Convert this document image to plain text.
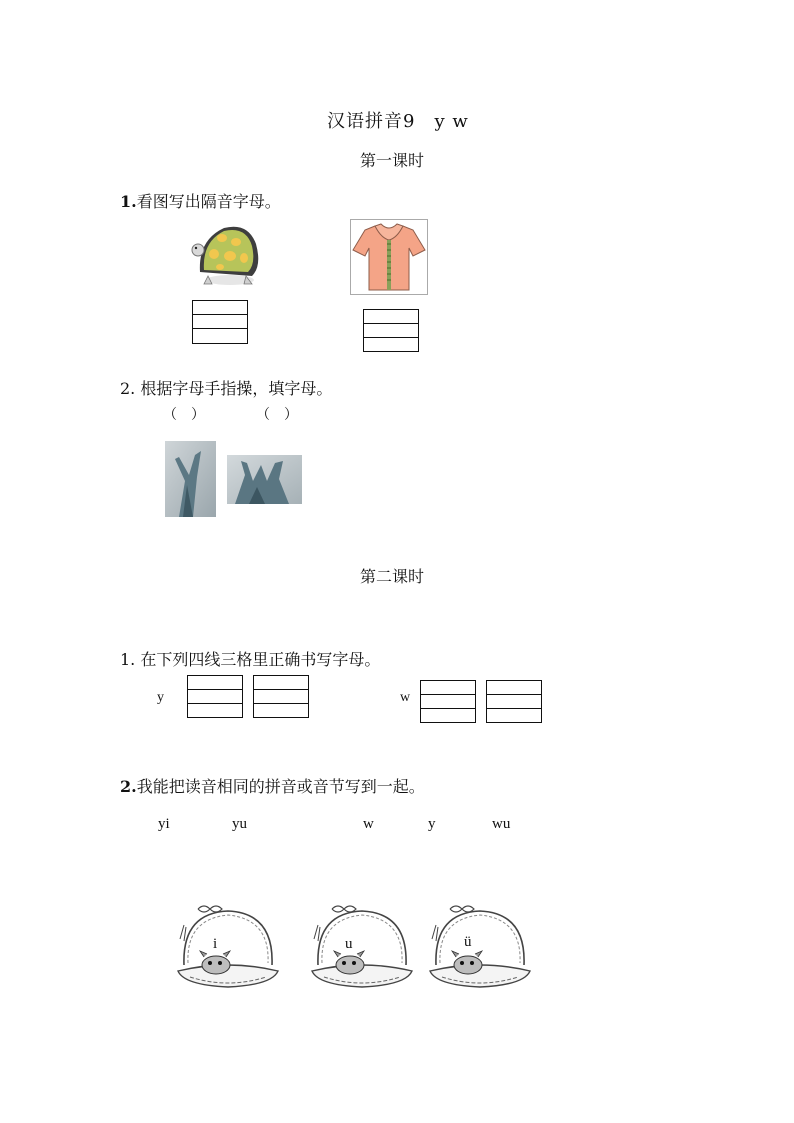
汉语拼音9　y w
第一课时
1.看图写出隔音字母。
2. 根据字母手指操，填字母。
（　）	（　）
第二课时
1. 在下列四线三格里正确书写字母。
y	w
2.我能把读音相同的拼音或音节写到一起。
yi	yu	w	y	wu
i	u	ü
